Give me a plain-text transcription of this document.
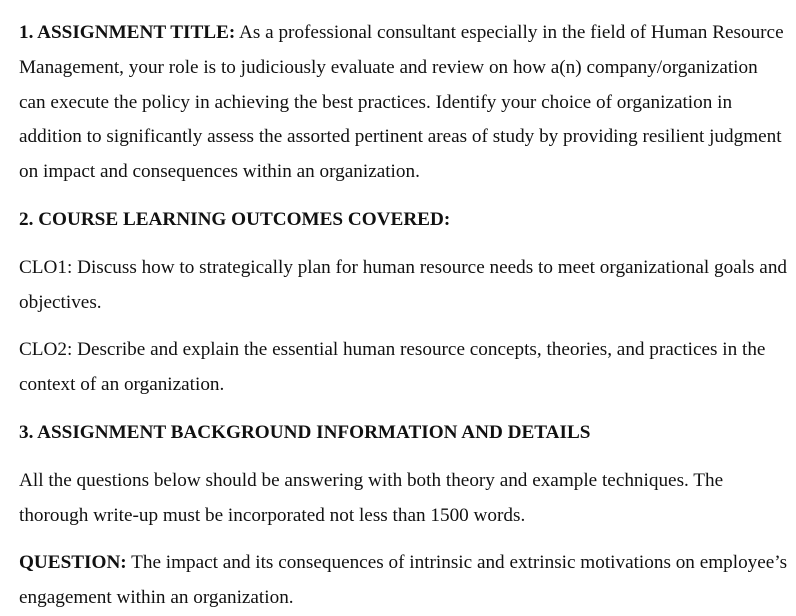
1. ASSIGNMENT TITLE: As a professional consultant especially in the field of Human Resource Management, your role is to judiciously evaluate and review on how a(n) company/organization can execute the policy in achieving the best practices. Identify your choice of organization in addition to significantly assess the assorted pertinent areas of study by providing resilient judgment on impact and consequences within an organization.

2. COURSE LEARNING OUTCOMES COVERED:

CLO1: Discuss how to strategically plan for human resource needs to meet organizational goals and objectives.

CLO2: Describe and explain the essential human resource concepts, theories, and practices in the context of an organization.

3. ASSIGNMENT BACKGROUND INFORMATION AND DETAILS

All the questions below should be answering with both theory and example techniques. The thorough write-up must be incorporated not less than 1500 words.

QUESTION: The impact and its consequences of intrinsic and extrinsic motivations on employee’s engagement within an organization.
